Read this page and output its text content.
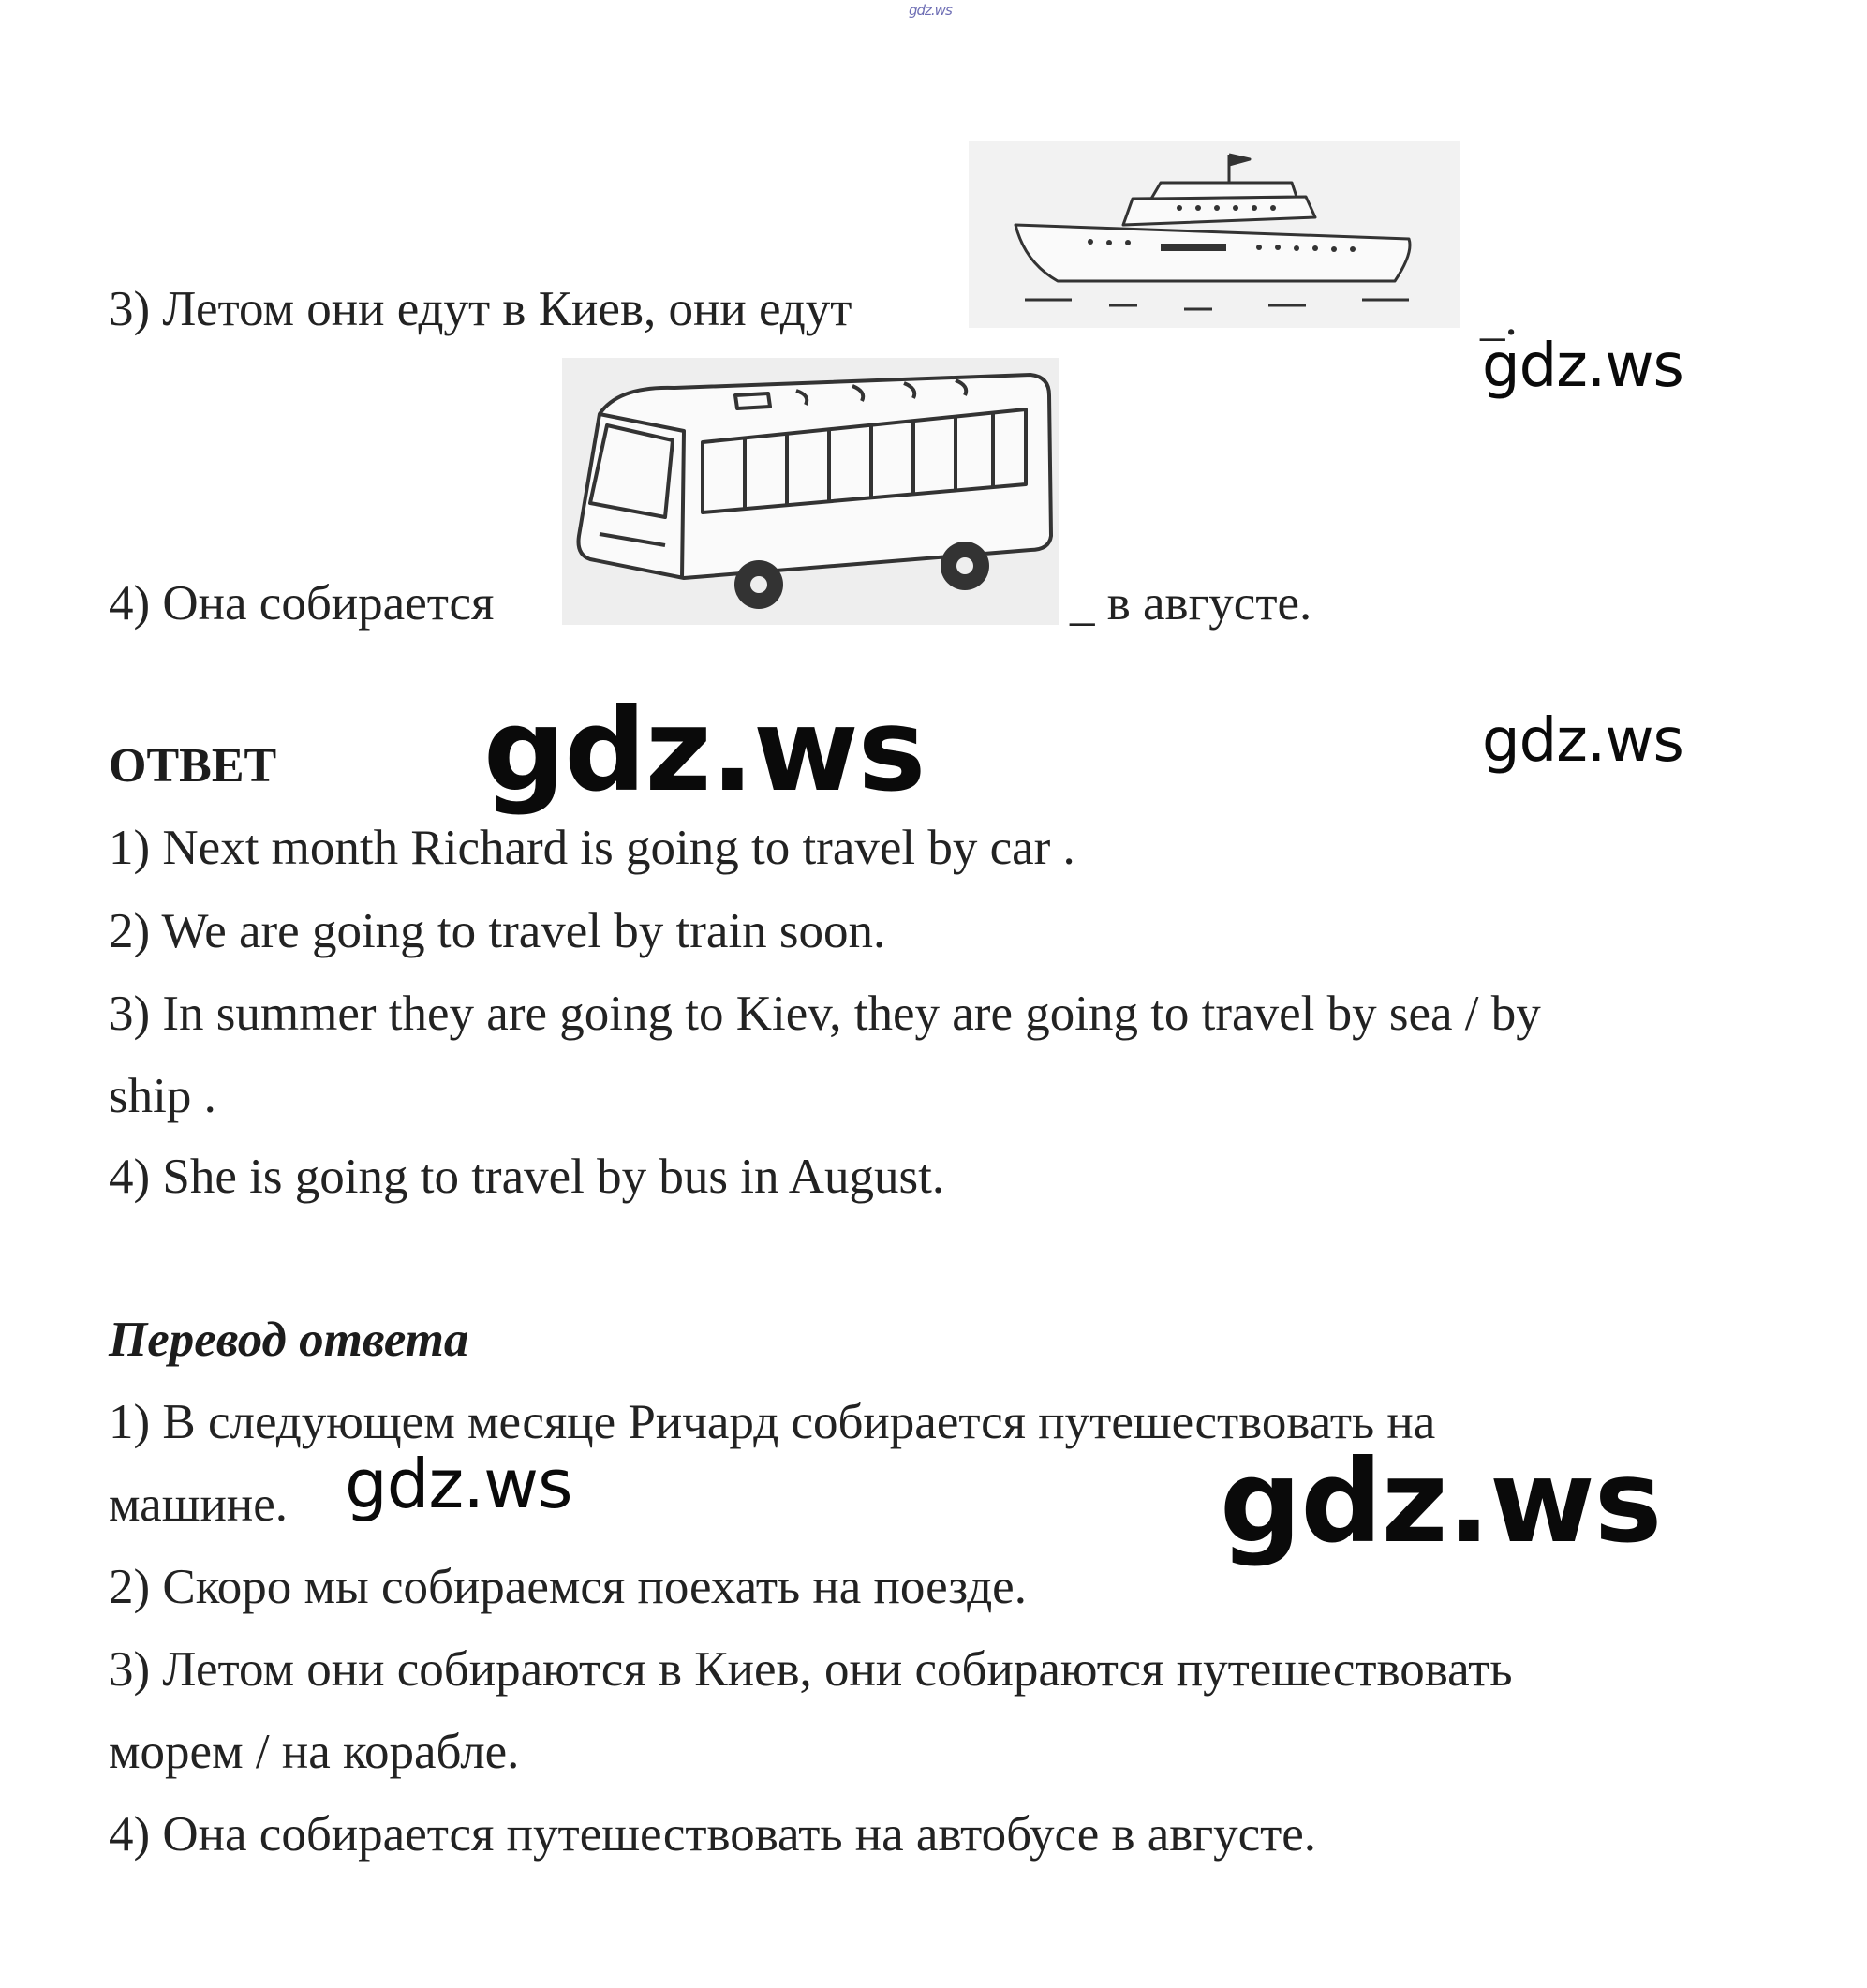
gdz.ws
3) Летом они едут в Киев, они едут	_.
gdz.ws
4) Она собирается	_ в августе.
ОТВЕТ gdz.ws	gdz.ws
1) Next month Richard is going to travel by car .
2) We are going to travel by train soon.
3) In summer they are going to Kiev, they are going to travel by sea / by
ship .
4) She is going to travel by bus in August.
Перевод ответа
1) В следующем месяце Ричард собирается путешествовать на
машине. gdz.ws	gdz.ws
2) Скоро мы собираемся поехать на поезде.
3) Летом они собираются в Киев, они собираются путешествовать
морем / на корабле.
4) Она собирается путешествовать на автобусе в августе.
